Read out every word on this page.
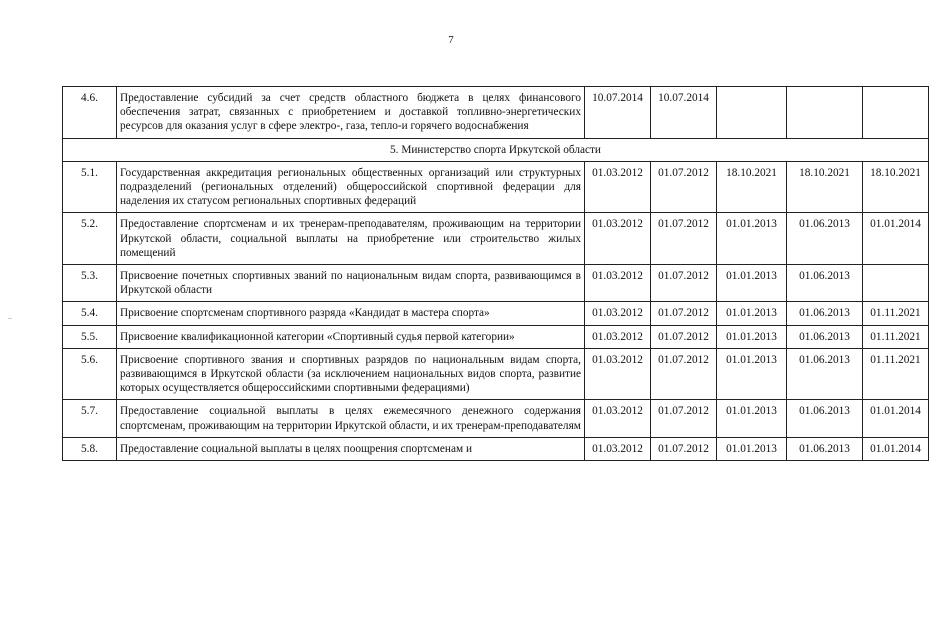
7
4.6.	Предоставление субсидий за счет средств областного бюджета в целях финансового обеспечения затрат, связанных с приобретением и доставкой топливно-энергетических ресурсов для оказания услуг в сфере электро-, газа, тепло-и горячего водоснабжения	10.07.2014	10.07.2014			
5. Министерство спорта Иркутской области						
5.1.	Государственная аккредитация региональных общественных организаций или структурных подразделений (региональных отделений) общероссийской спортивной федерации для наделения их статусом региональных спортивных федераций	01.03.2012	01.07.2012	18.10.2021	18.10.2021	18.10.2021
5.2.	Предоставление спортсменам и их тренерам-преподавателям, проживающим на территории Иркутской области, социальной выплаты на приобретение или строительство жилых помещений	01.03.2012	01.07.2012	01.01.2013	01.06.2013	01.01.2014
5.3.	Присвоение почетных спортивных званий по национальным видам спорта, развивающимся в Иркутской области	01.03.2012	01.07.2012	01.01.2013	01.06.2013	
5.4.	Присвоение спортсменам спортивного разряда «Кандидат в мастера спорта»	01.03.2012	01.07.2012	01.01.2013	01.06.2013	01.11.2021
5.5.	Присвоение квалификационной категории «Спортивный судья первой категории»	01.03.2012	01.07.2012	01.01.2013	01.06.2013	01.11.2021
5.6.	Присвоение спортивного звания и спортивных разрядов по национальным видам спорта, развивающимся в Иркутской области (за исключением национальных видов спорта, развитие которых осуществляется общероссийскими спортивными федерациями)	01.03.2012	01.07.2012	01.01.2013	01.06.2013	01.11.2021
5.7.	Предоставление социальной выплаты в целях ежемесячного денежного содержания спортсменам, проживающим на территории Иркутской области, и их тренерам-преподавателям	01.03.2012	01.07.2012	01.01.2013	01.06.2013	01.01.2014
5.8.	Предоставление социальной выплаты в целях поощрения спортсменам и	01.03.2012	01.07.2012	01.01.2013	01.06.2013	01.01.2014
